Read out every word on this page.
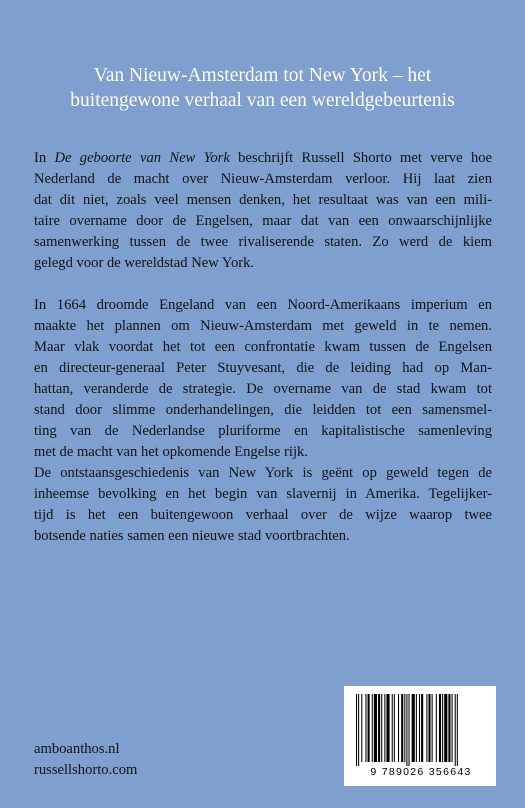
Van Nieuw-Amsterdam tot New York – het
buitengewone verhaal van een wereldgebeurtenis
In De geboorte van New York beschrijft Russell Shorto met verve hoe
Nederland de macht over Nieuw-Amsterdam verloor. Hij laat zien
dat dit niet, zoals veel mensen denken, het resultaat was van een mili-
taire overname door de Engelsen, maar dat van een onwaarschijnlijke
samenwerking tussen de twee rivaliserende staten. Zo werd de kiem
gelegd voor de wereldstad New York.
In 1664 droomde Engeland van een Noord-Amerikaans imperium en
maakte het plannen om Nieuw-Amsterdam met geweld in te nemen.
Maar vlak voordat het tot een confrontatie kwam tussen de Engelsen
en directeur-generaal Peter Stuyvesant, die de leiding had op Man-
hattan, veranderde de strategie. De overname van de stad kwam tot
stand door slimme onderhandelingen, die leidden tot een samensmel-
ting van de Nederlandse pluriforme en kapitalistische samenleving
met de macht van het opkomende Engelse rijk.
De ontstaansgeschiedenis van New York is geënt op geweld tegen de
inheemse bevolking en het begin van slavernij in Amerika. Tegelijker-
tijd is het een buitengewoon verhaal over de wijze waarop twee
botsende naties samen een nieuwe stad voortbrachten.
amboanthos.nl
russellshorto.com	9 789026 356643
